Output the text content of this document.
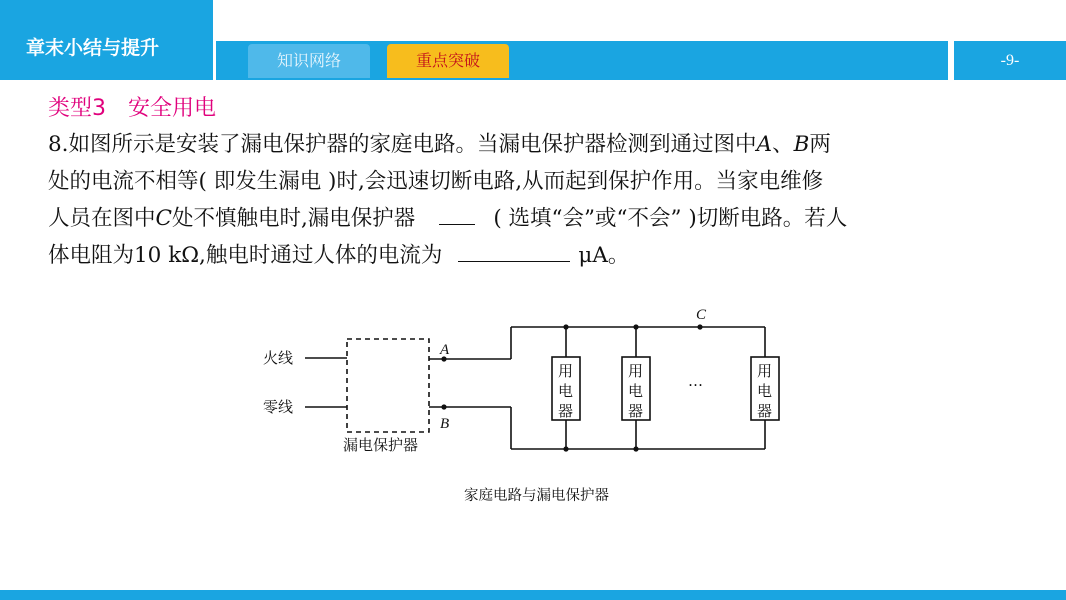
章末小结与提升
知识网络	重点突破	-9-
类型3　安全用电

8.如图所示是安装了漏电保护器的家庭电路。当漏电保护器检测到通过图中A、B两

处的电流不相等( 即发生漏电 )时,会迅速切断电路,从而起到保护作用。当家电维修

人员在图中C处不慎触电时,漏电保护器	( 选填“会”或“不会” )切断电路。若人

体电阻为10 kΩ,触电时通过人体的电流为	μA。

火线
零线
漏电保护器
C
A
B
…
用
电
器
用
电
器
用
电
器
家庭电路与漏电保护器
